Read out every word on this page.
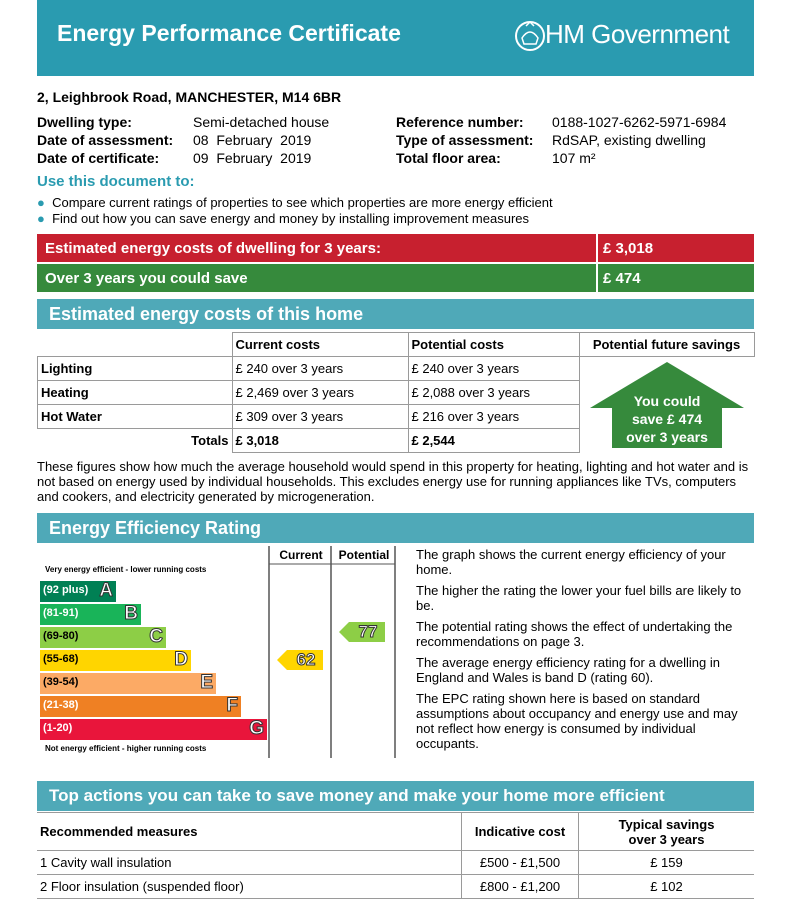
Energy Performance Certificate	HM Government
2, Leighbrook Road, MANCHESTER, M14 6BR
Dwelling type:	Semi-detached house
Date of assessment: 08 February 2019
Date of certificate: 09 February 2019
Reference number: 0188-1027-6262-5971-6984
Type of assessment: RdSAP, existing dwelling
Total floor area:	107 m²
Use this document to:
● Compare current ratings of properties to see which properties are more energy efficient
● Find out how you can save energy and money by installing improvement measures
Estimated energy costs of dwelling for 3 years:	£ 3,018
Over 3 years you could save	£ 474
Estimated energy costs of this home
	Current costs	Potential costs	Potential future savings
Lighting	£ 240 over 3 years	£ 240 over 3 years	
Heating	£ 2,469 over 3 years	£ 2,088 over 3 years	
Hot Water	£ 309 over 3 years	£ 216 over 3 years	
Totals	£ 3,018	£ 2,544	
You could
save £ 474
over 3 years
These figures show how much the average household would spend in this property for heating, lighting and hot water and is not based on energy used by individual households. This excludes energy use for running appliances like TVs, computers and cookers, and electricity generated by microgeneration.
Energy Efficiency Rating
Current	Potential
Very energy efficient - lower running costs
(92 plus) A
(81-91) B
(69-80)	C
(55-68)	D
(39-54)	E
(21-38)	F
(1-20)	G
Not energy efficient - higher running costs
62
77

The graph shows the current energy efficiency of your home.

The higher the rating the lower your fuel bills are likely to be.

The potential rating shows the effect of undertaking the recommendations on page 3.

The average energy efficiency rating for a dwelling in England and Wales is band D (rating 60).

The EPC rating shown here is based on standard assumptions about occupancy and energy use and may not reflect how energy is consumed by individual occupants.

Top actions you can take to save money and make your home more efficient
Recommended measures	Indicative cost	Typical savings
over 3 years

1 Cavity wall insulation	£500 - £1,500	£ 159
2 Floor insulation (suspended floor)	£800 - £1,200	£ 102
